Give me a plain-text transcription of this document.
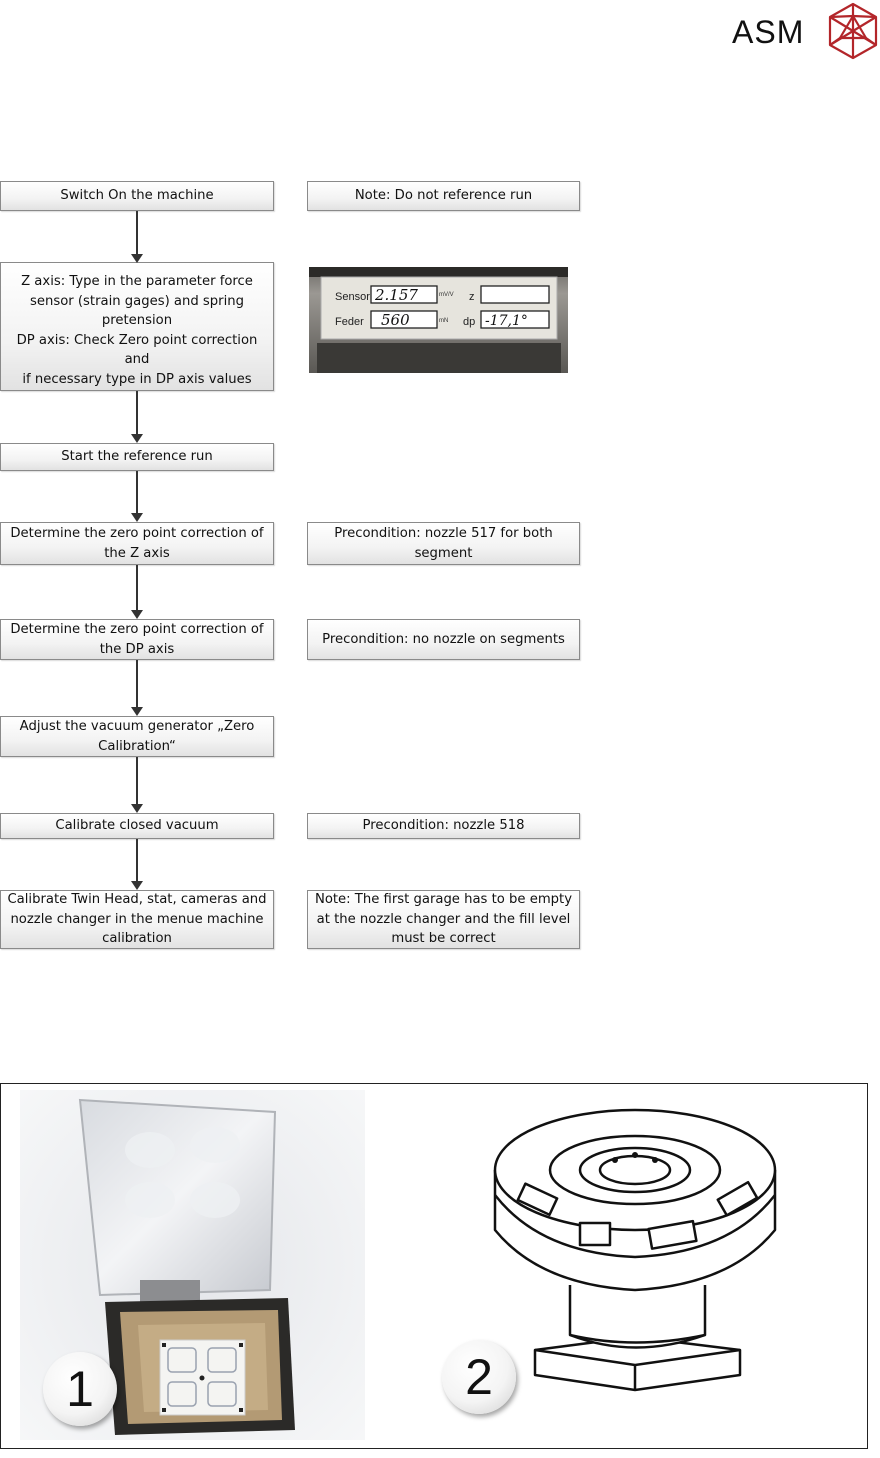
ASM
Switch On the machine
Z axis: Type in the parameter force
sensor (strain gages) and spring
pretension
DP axis: Check Zero point correction and
if necessary type in DP axis values
Start the reference run
Determine the zero point correction of
the Z axis
Determine the zero point correction of
the DP axis
Adjust the vacuum generator „Zero
Calibration“
Calibrate closed vacuum
Calibrate Twin Head, stat, cameras and
nozzle changer in the menue machine
calibration
Note: Do not reference run
Precondition: nozzle 517 for both
segment
Precondition: no nozzle on segments
Precondition: nozzle 518
Note: The first garage has to be empty
at the nozzle changer and the fill level
must be correct
Sensor 2.157	mV/V z
Feder 560	mN dp -17,1°
1	2
